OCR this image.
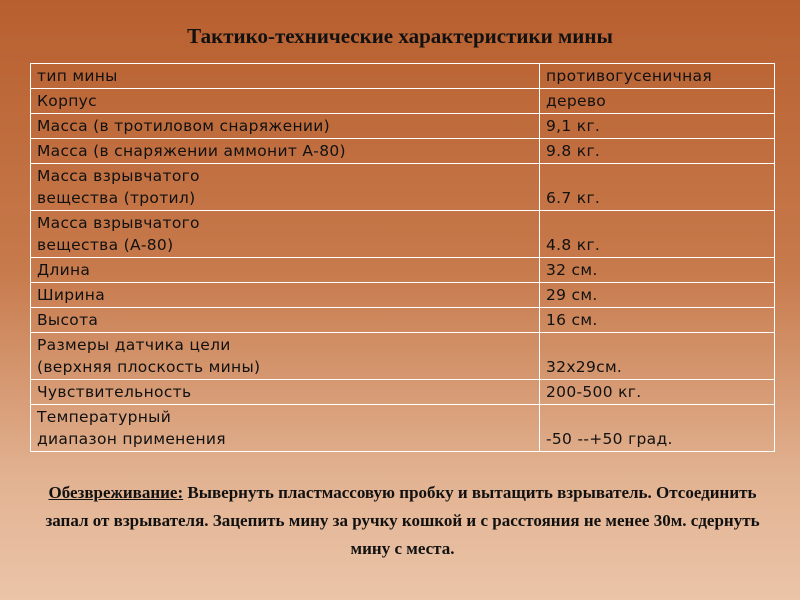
Тактико-технические характеристики мины
тип мины	противогусеничная
Корпус	дерево
Масса (в тротиловом снаряжении)	9,1 кг.
Масса (в снаряжении аммонит А-80)	9.8 кг.
Масса взрывчатого
вещества (тротил)	6.7 кг.
Масса взрывчатого
вещества (А-80)	4.8 кг.
Длина	32 см.
Ширина	29 см.
Высота	16 см.
Размеры датчика цели
(верхняя плоскость мины)	32х29см.
Чувствительность	200-500 кг.
Температурный
диапазон применения	-50 --+50 град.
Обезвреживание: Вывернуть пластмассовую пробку и вытащить взрыватель. Отсоединить запал от взрывателя. Зацепить мину за ручку кошкой и с расстояния не менее 30м. сдернуть мину с места.
